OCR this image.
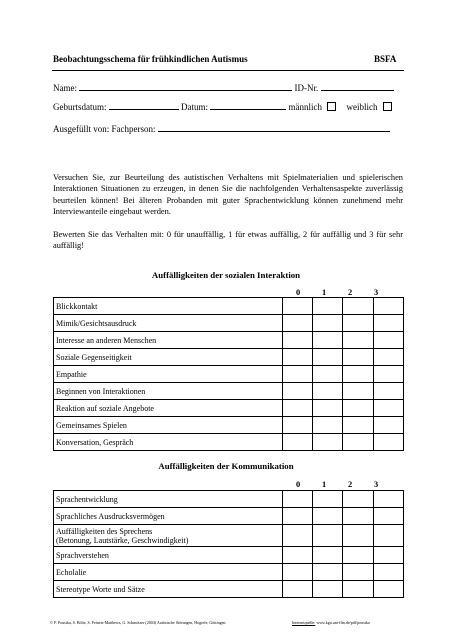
Beobachtungsschema für frühkindlichen Autismus	BSFA
Name:	ID-Nr.
Geburtsdatum:	Datum:	männlich	weiblich
Ausgefüllt von: Fachperson:
Versuchen Sie, zur Beurteilung des autistischen Verhaltens mit Spielmaterialien und spielerischen Interaktionen Situationen zu erzeugen, in denen Sie die nachfolgenden Verhaltensaspekte zuverlässig beurteilen können! Bei älteren Probanden mit guter Sprachentwicklung können zunehmend mehr Interviewanteile eingebaut werden.
Bewerten Sie das Verhalten mit: 0 für unauffällig, 1 für etwas auffällig, 2 für auffällig und 3 für sehr auffällig!
Auffälligkeiten der sozialen Interaktion
0	1	2	3
Blickkontakt				
Mimik/Gesichtsausdruck				
Interesse an anderen Menschen				
Soziale Gegenseitigkeit				
Empathie				
Beginnen von Interaktionen				
Reaktion auf soziale Angebote				
Gemeinsames Spielen				
Konversation, Gespräch				
Auffälligkeiten der Kommunikation
0	1	2	3
Sprachentwicklung				
Sprachliches Ausdrucksvermögen				
Auffälligkeiten des Sprechens
(Betonung, Lautstärke, Geschwindigkeit)				
Sprachverstehen				
Echolalie				
Stereotype Worte und Sätze				
© F. Poustka, S. Bölte, S. Feineis-Matthews, G. Schmötzer (2004) Autistische Störungen, Hogrefe, Göttingen.	Internetquelle: www.kgu.uni-ffm.de/pdf/poustka
